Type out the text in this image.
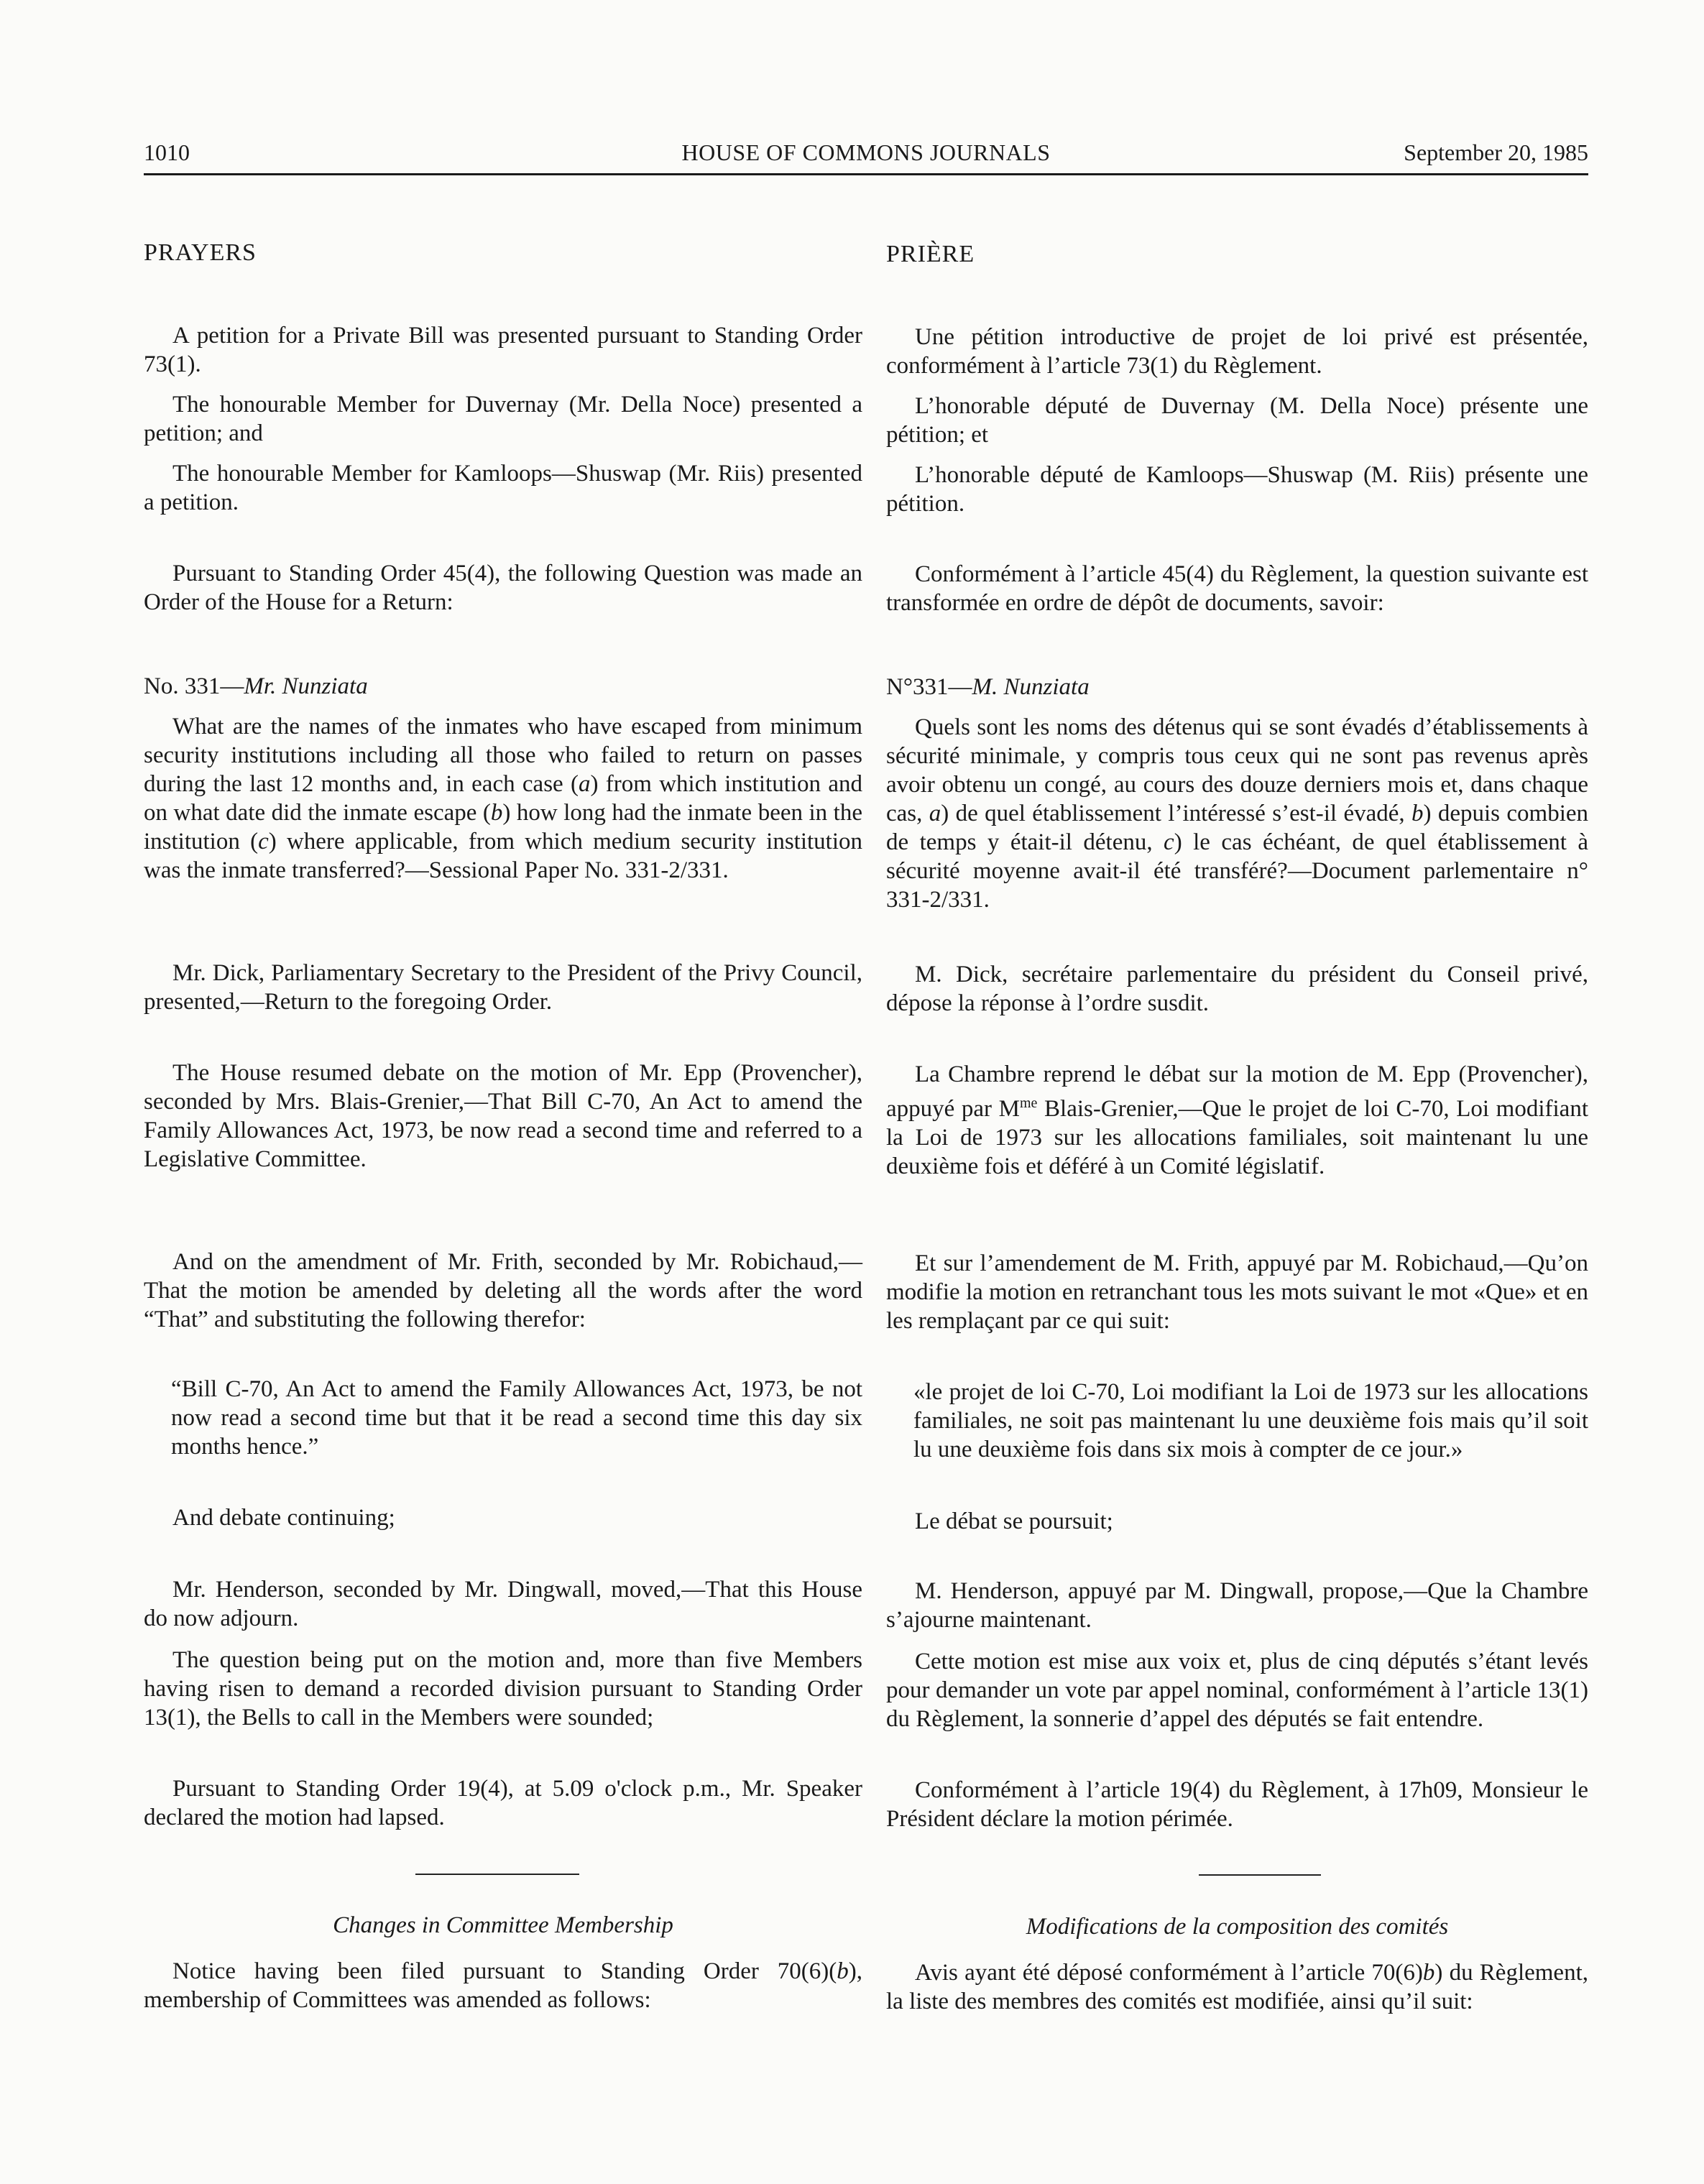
1010	HOUSE OF COMMONS JOURNALS	September 20, 1985

PRAYERS

A petition for a Private Bill was presented pursuant to Standing Order 73(1).

The honourable Member for Duvernay (Mr. Della Noce) presented a petition; and

The honourable Member for Kamloops—Shuswap (Mr. Riis) presented a petition.

Pursuant to Standing Order 45(4), the following Question was made an Order of the House for a Return:

No. 331—Mr. Nunziata

What are the names of the inmates who have escaped from minimum security institutions including all those who failed to return on passes during the last 12 months and, in each case (a) from which institution and on what date did the inmate escape (b) how long had the inmate been in the institution (c) where applicable, from which medium security institution was the inmate transferred?—Sessional Paper No. 331-2/331.

Mr. Dick, Parliamentary Secretary to the President of the Privy Council, presented,—Return to the foregoing Order.

The House resumed debate on the motion of Mr. Epp (Provencher), seconded by Mrs. Blais-Grenier,—That Bill C-70, An Act to amend the Family Allowances Act, 1973, be now read a second time and referred to a Legislative Committee.

And on the amendment of Mr. Frith, seconded by Mr. Robichaud,—That the motion be amended by deleting all the words after the word “That” and substituting the following therefor:

“Bill C-70, An Act to amend the Family Allowances Act, 1973, be not now read a second time but that it be read a second time this day six months hence.”

And debate continuing;

Mr. Henderson, seconded by Mr. Dingwall, moved,—That this House do now adjourn.

The question being put on the motion and, more than five Members having risen to demand a recorded division pursuant to Standing Order 13(1), the Bells to call in the Members were sounded;

Pursuant to Standing Order 19(4), at 5.09 o'clock p.m., Mr. Speaker declared the motion had lapsed.

Changes in Committee Membership

Notice having been filed pursuant to Standing Order 70(6)(b), membership of Committees was amended as follows:

PRIÈRE

Une pétition introductive de projet de loi privé est présentée, conformément à l’article 73(1) du Règlement.

L’honorable député de Duvernay (M. Della Noce) présente une pétition; et

L’honorable député de Kamloops—Shuswap (M. Riis) présente une pétition.

Conformément à l’article 45(4) du Règlement, la question suivante est transformée en ordre de dépôt de documents, savoir:

N°331—M. Nunziata

Quels sont les noms des détenus qui se sont évadés d’établissements à sécurité minimale, y compris tous ceux qui ne sont pas revenus après avoir obtenu un congé, au cours des douze derniers mois et, dans chaque cas, a) de quel établissement l’intéressé s’est-il évadé, b) depuis combien de temps y était-il détenu, c) le cas échéant, de quel établissement à sécurité moyenne avait-il été transféré?—Document parlementaire n° 331-2/331.

M. Dick, secrétaire parlementaire du président du Conseil privé, dépose la réponse à l’ordre susdit.

La Chambre reprend le débat sur la motion de M. Epp (Provencher), appuyé par $M^{me}$ Blais-Grenier,—Que le projet de loi C-70, Loi modifiant la Loi de 1973 sur les allocations familiales, soit maintenant lu une deuxième fois et déféré à un Comité législatif.

Et sur l’amendement de M. Frith, appuyé par M. Robichaud,—Qu’on modifie la motion en retranchant tous les mots suivant le mot «Que» et en les remplaçant par ce qui suit:

«le projet de loi C-70, Loi modifiant la Loi de 1973 sur les allocations familiales, ne soit pas maintenant lu une deuxième fois mais qu’il soit lu une deuxième fois dans six mois à compter de ce jour.»

Le débat se poursuit;

M. Henderson, appuyé par M. Dingwall, propose,—Que la Chambre s’ajourne maintenant.

Cette motion est mise aux voix et, plus de cinq députés s’étant levés pour demander un vote par appel nominal, conformément à l’article 13(1) du Règlement, la sonnerie d’appel des députés se fait entendre.

Conformément à l’article 19(4) du Règlement, à 17h09, Monsieur le Président déclare la motion périmée.

Modifications de la composition des comités

Avis ayant été déposé conformément à l’article 70(6)b) du Règlement, la liste des membres des comités est modifiée, ainsi qu’il suit:
